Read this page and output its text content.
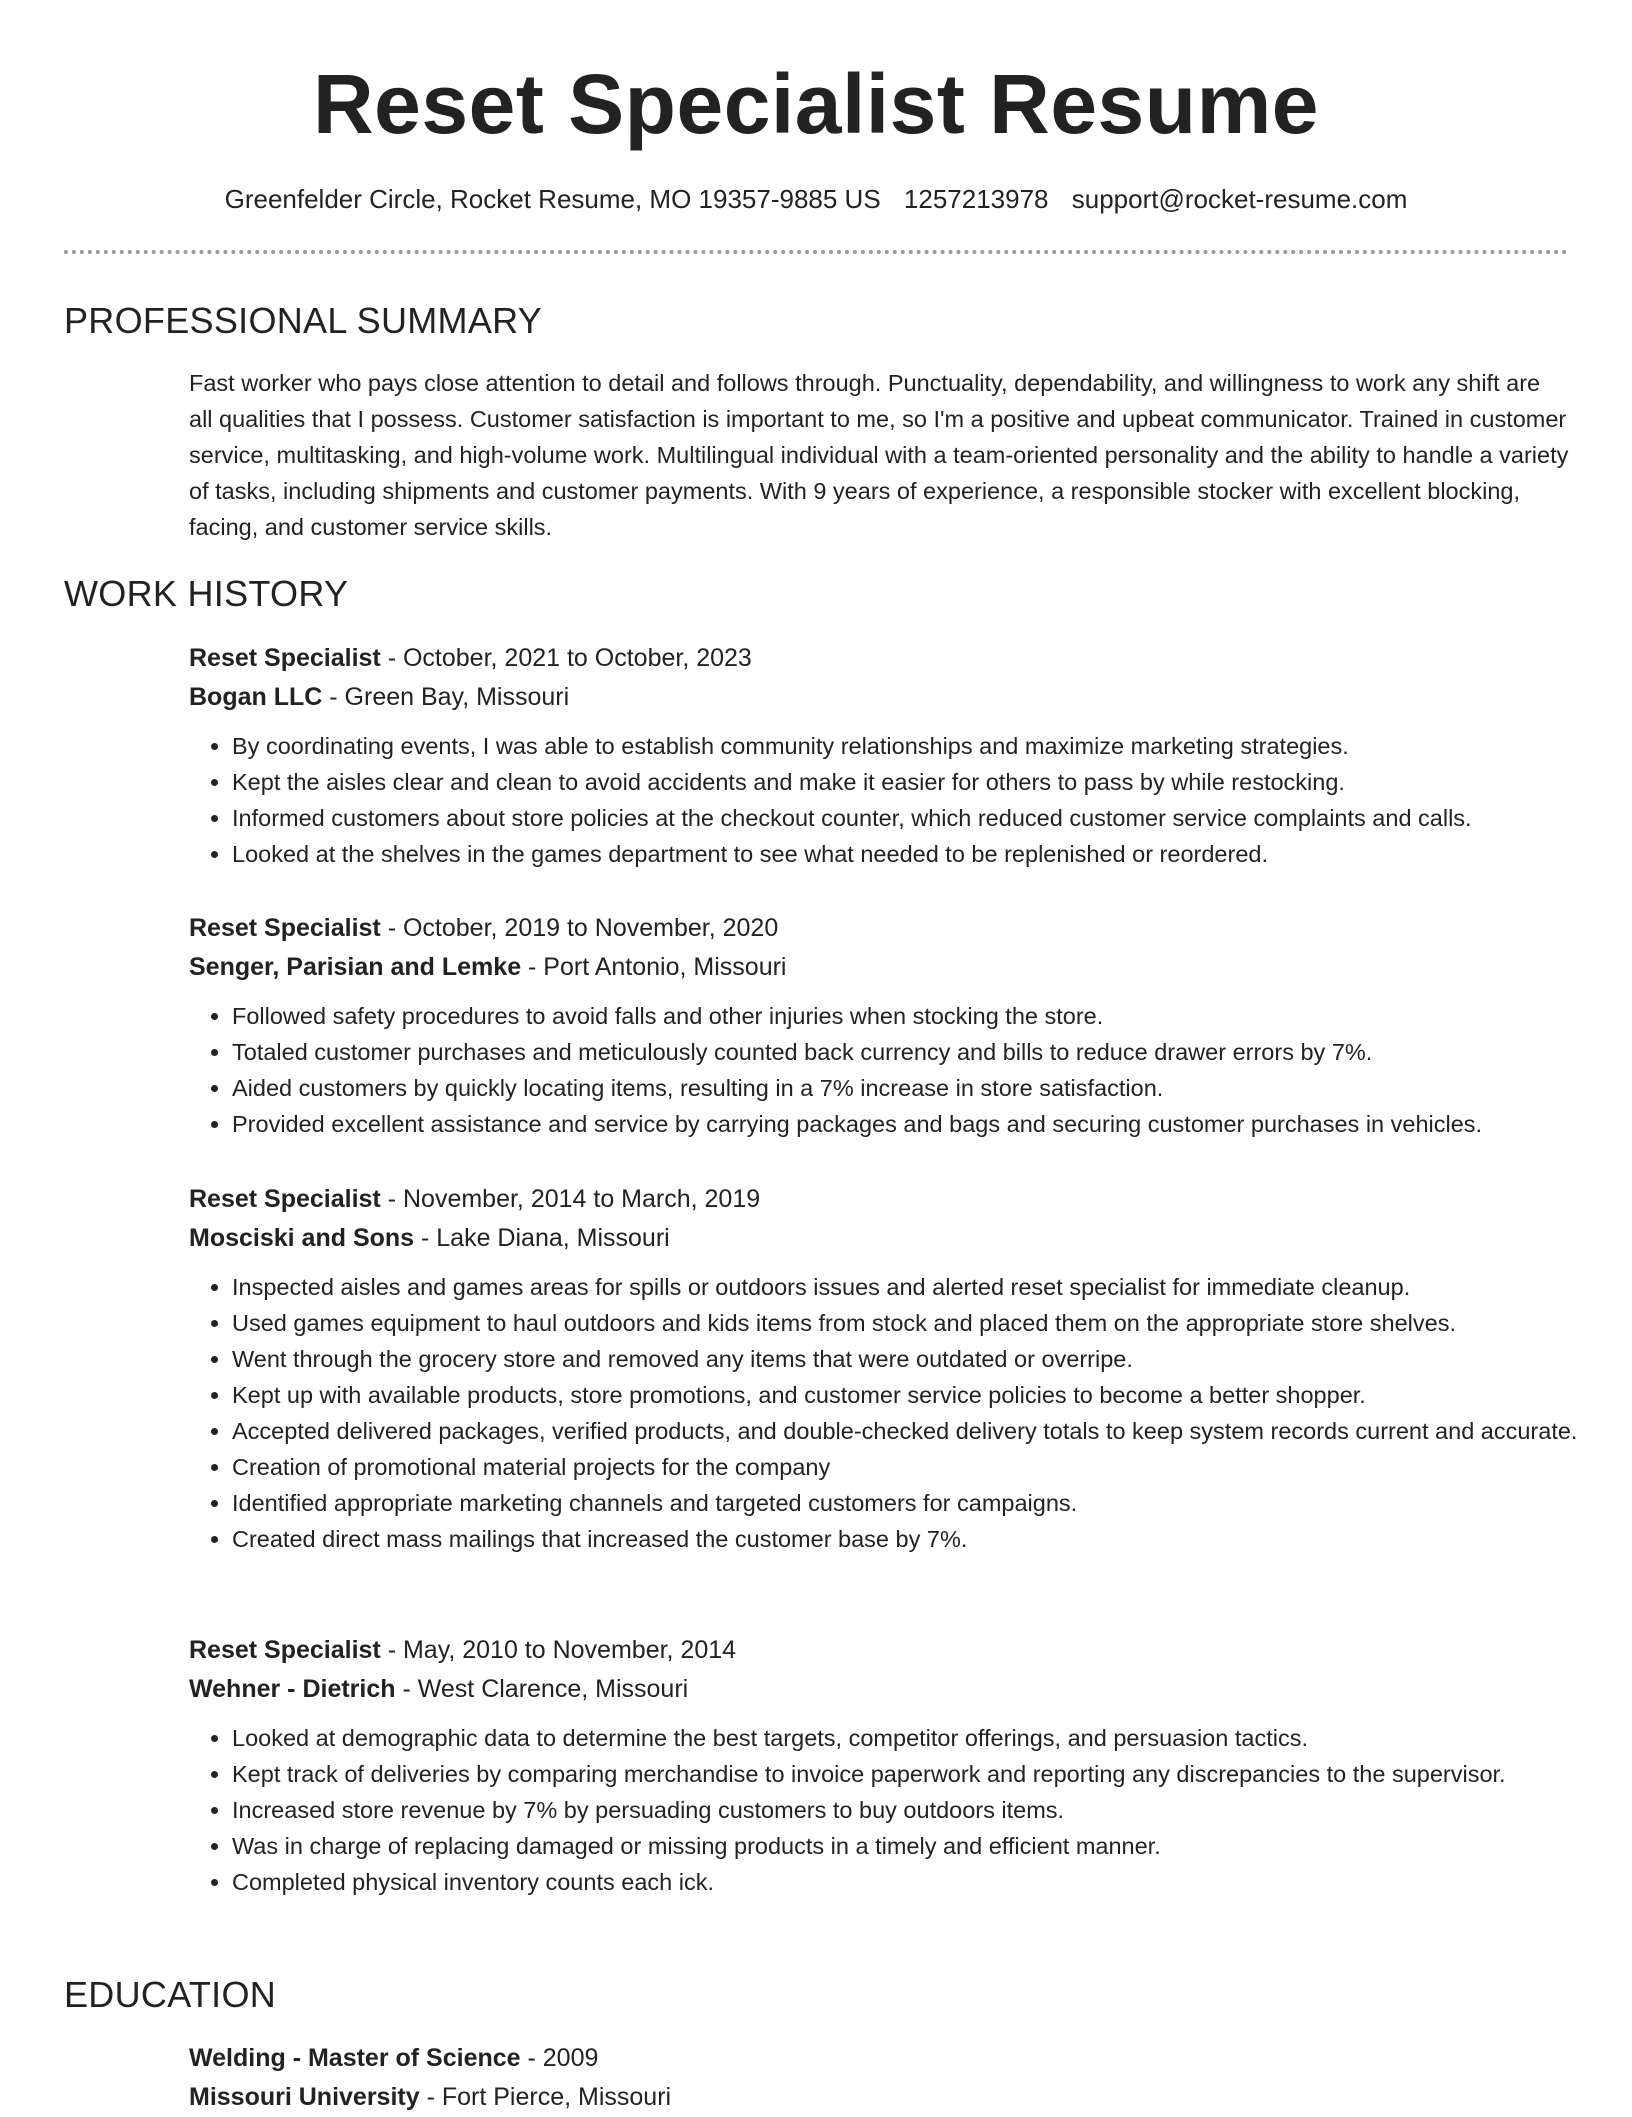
Reset Specialist Resume
Greenfelder Circle, Rocket Resume, MO 19357-9885 US 1257213978 support@rocket-resume.com
PROFESSIONAL SUMMARY
Fast worker who pays close attention to detail and follows through. Punctuality, dependability, and willingness to work any shift are all qualities that I possess. Customer satisfaction is important to me, so I'm a positive and upbeat communicator. Trained in customer service, multitasking, and high-volume work. Multilingual individual with a team-oriented personality and the ability to handle a variety of tasks, including shipments and customer payments. With 9 years of experience, a responsible stocker with excellent blocking, facing, and customer service skills.
WORK HISTORY
Reset Specialist - October, 2021 to October, 2023
Bogan LLC - Green Bay, Missouri
• By coordinating events, I was able to establish community relationships and maximize marketing strategies.
• Kept the aisles clear and clean to avoid accidents and make it easier for others to pass by while restocking.
• Informed customers about store policies at the checkout counter, which reduced customer service complaints and calls.
• Looked at the shelves in the games department to see what needed to be replenished or reordered.
Reset Specialist - October, 2019 to November, 2020
Senger, Parisian and Lemke - Port Antonio, Missouri
• Followed safety procedures to avoid falls and other injuries when stocking the store.
• Totaled customer purchases and meticulously counted back currency and bills to reduce drawer errors by 7%.
• Aided customers by quickly locating items, resulting in a 7% increase in store satisfaction.
• Provided excellent assistance and service by carrying packages and bags and securing customer purchases in vehicles.
Reset Specialist - November, 2014 to March, 2019
Mosciski and Sons - Lake Diana, Missouri
• Inspected aisles and games areas for spills or outdoors issues and alerted reset specialist for immediate cleanup.
• Used games equipment to haul outdoors and kids items from stock and placed them on the appropriate store shelves.
• Went through the grocery store and removed any items that were outdated or overripe.
• Kept up with available products, store promotions, and customer service policies to become a better shopper.
• Accepted delivered packages, verified products, and double-checked delivery totals to keep system records current and accurate.
• Creation of promotional material projects for the company
• Identified appropriate marketing channels and targeted customers for campaigns.
• Created direct mass mailings that increased the customer base by 7%.
Reset Specialist - May, 2010 to November, 2014
Wehner - Dietrich - West Clarence, Missouri
• Looked at demographic data to determine the best targets, competitor offerings, and persuasion tactics.
• Kept track of deliveries by comparing merchandise to invoice paperwork and reporting any discrepancies to the supervisor.
• Increased store revenue by 7% by persuading customers to buy outdoors items.
• Was in charge of replacing damaged or missing products in a timely and efficient manner.
• Completed physical inventory counts each ick.
EDUCATION
Welding - Master of Science - 2009
Missouri University - Fort Pierce, Missouri
